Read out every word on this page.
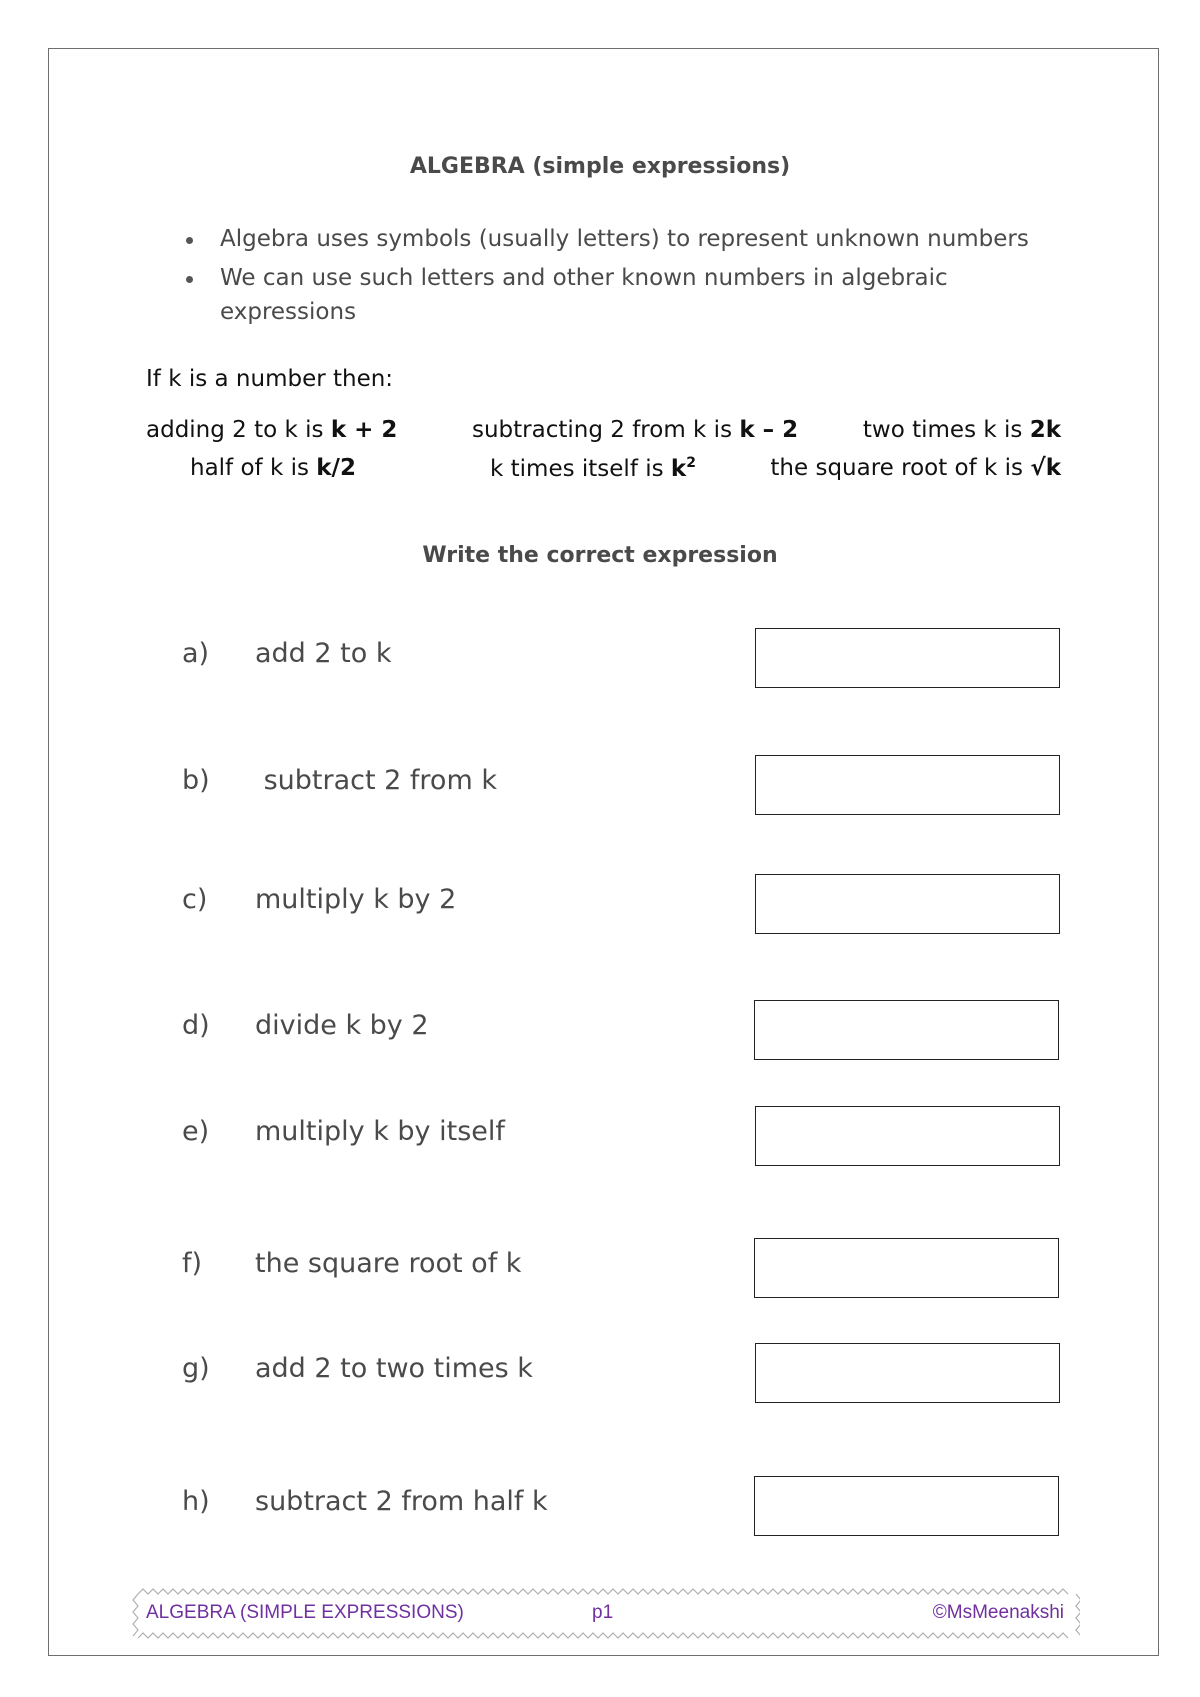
ALGEBRA (simple expressions)
Algebra uses symbols (usually letters) to represent unknown numbers
We can use such letters and other known numbers in algebraic
expressions
If k is a number then:
adding 2 to k is k + 2	subtracting 2 from k is k – 2	two times k is 2k
half of k is k/2	k times itself is $k^2$	the square root of k is √k
Write the correct expression
a) add 2 to k
b) subtract 2 from k
c) multiply k by 2
d) divide k by 2
e) multiply k by itself
f) the square root of k
g) add 2 to two times k
h) subtract 2 from half k
ALGEBRA (SIMPLE EXPRESSIONS)	p1	©MsMeenakshi
